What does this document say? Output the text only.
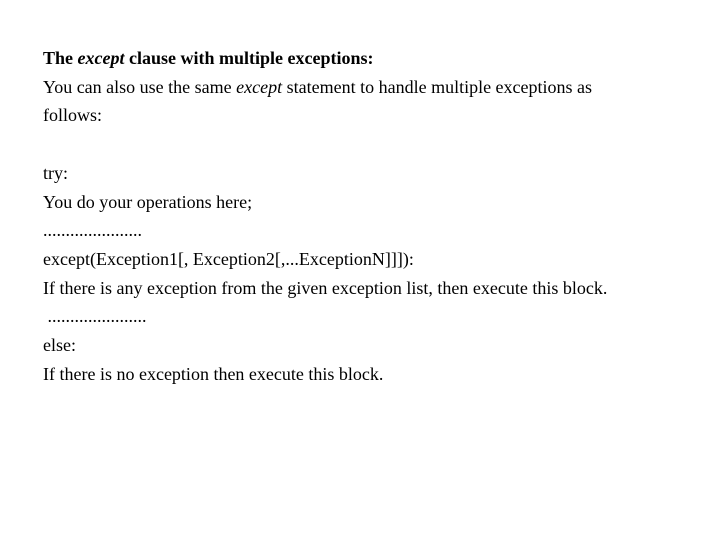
The except clause with multiple exceptions:
You can also use the same except statement to handle multiple exceptions as
follows:
try:
You do your operations here;
......................
except(Exception1[, Exception2[,...ExceptionN]]]):
If there is any exception from the given exception list, then execute this block.
......................
else:
If there is no exception then execute this block.
